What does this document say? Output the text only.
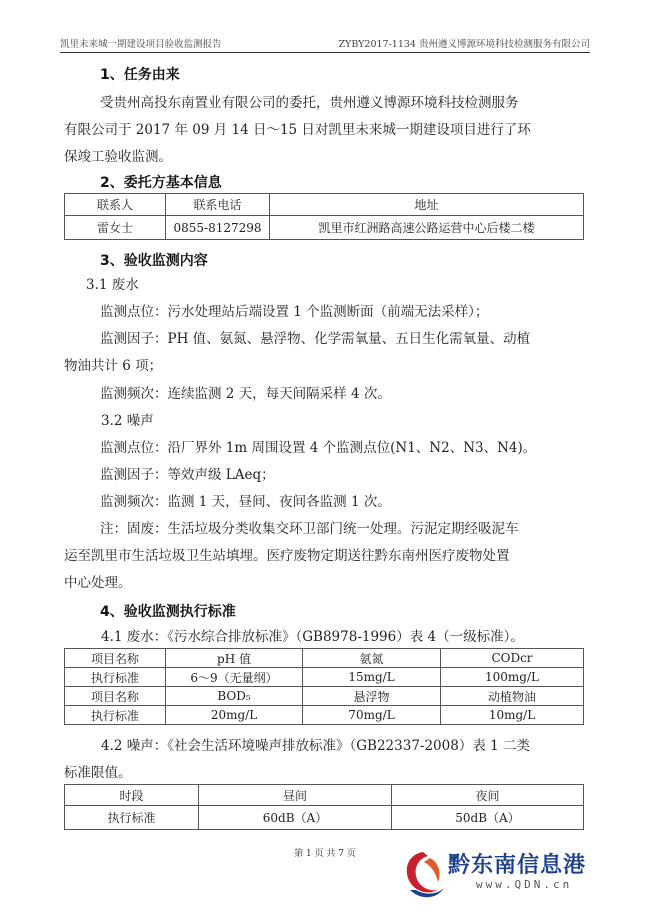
凯里未来城一期建设项目验收监测报告	ZYBY2017-1134 贵州遵义博源环境科技检测服务有限公司
1、任务由来
受贵州高投东南置业有限公司的委托，贵州遵义博源环境科技检测服务
有限公司于 2017 年 09 月 14 日～15 日对凯里未来城一期建设项目进行了环
保竣工验收监测。
2、委托方基本信息
联系人	联系电话	地址
雷女士	0855-8127298	凯里市红洲路高速公路运营中心后楼二楼
3、验收监测内容
3.1 废水
监测点位：污水处理站后端设置 1 个监测断面（前端无法采样）；
监测因子：PH 值、氨氮、悬浮物、化学需氧量、五日生化需氧量、动植
物油共计 6 项；
监测频次：连续监测 2 天，每天间隔采样 4 次。
3.2 噪声
监测点位：沿厂界外 1m 周围设置 4 个监测点位(N1、N2、N3、N4)。
监测因子：等效声级 LAeq；
监测频次：监测 1 天，昼间、夜间各监测 1 次。
注：固废：生活垃圾分类收集交环卫部门统一处理。污泥定期经吸泥车
运至凯里市生活垃圾卫生站填埋。医疗废物定期送往黔东南州医疗废物处置
中心处理。
4、验收监测执行标准
4.1 废水：《污水综合排放标准》（GB8978-1996）表 4（一级标准）。
项目名称	pH 值	氨氮	CODcr
执行标准	6～9（无量纲）	15mg/L	100mg/L
项目名称	BOD₅	悬浮物	动植物油
执行标准	20mg/L	70mg/L	10mg/L
4.2 噪声：《社会生活环境噪声排放标准》（GB22337-2008）表 1 二类
标准限值。
时段	昼间	夜间
执行标准	60dB（A）	50dB（A）
第 1 页 共 7 页	黔东南信息港
www.QDN.cn
